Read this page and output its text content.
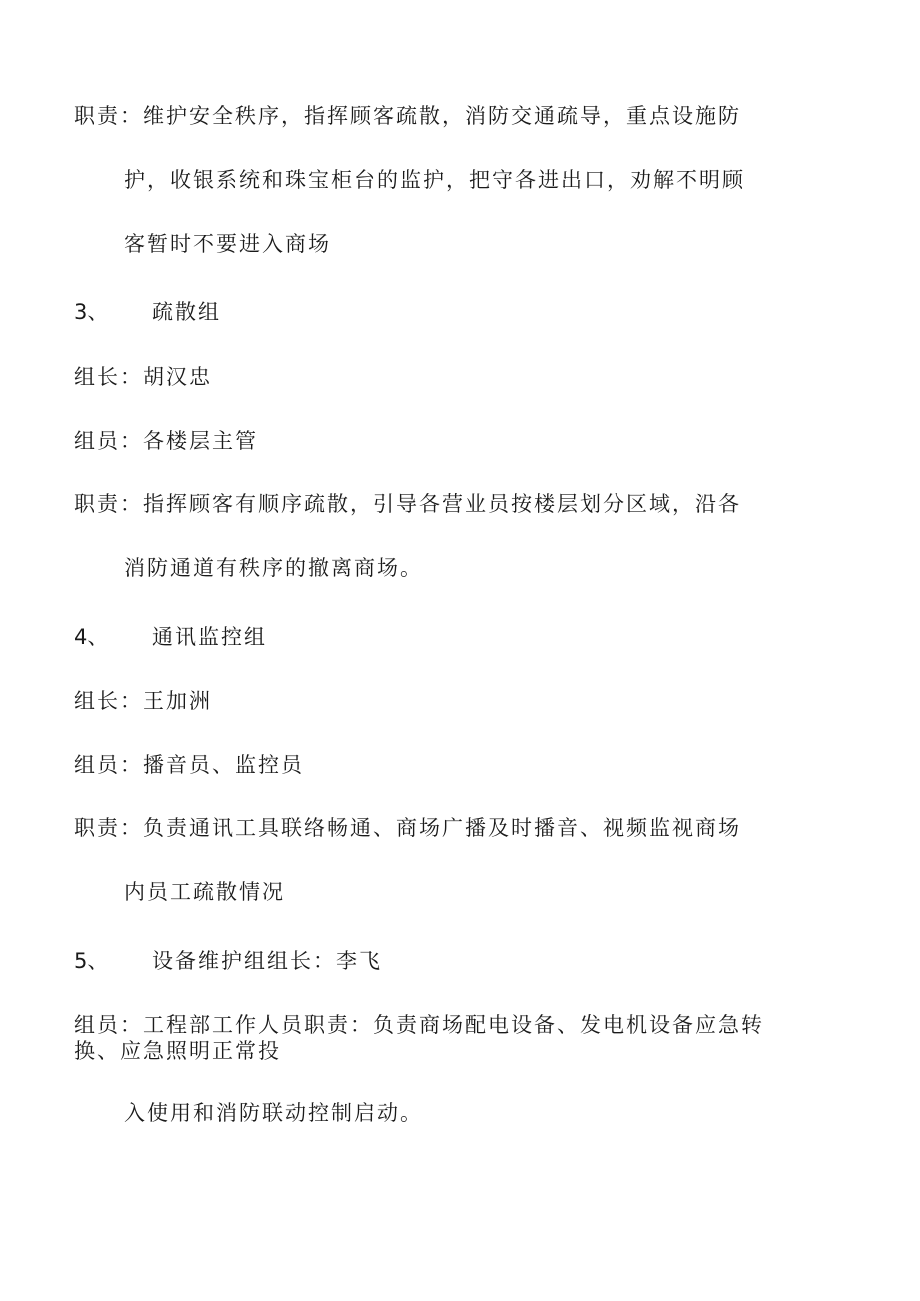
职责：维护安全秩序，指挥顾客疏散，消防交通疏导，重点设施防
护，收银系统和珠宝柜台的监护，把守各进出口，劝解不明顾
客暂时不要进入商场
3、 疏散组
组长：胡汉忠
组员：各楼层主管
职责：指挥顾客有顺序疏散，引导各营业员按楼层划分区域，沿各
消防通道有秩序的撤离商场。
4、 通讯监控组
组长：王加洲
组员：播音员、监控员
职责：负责通讯工具联络畅通、商场广播及时播音、视频监视商场
内员工疏散情况
5、 设备维护组组长：李飞
组员：工程部工作人员职责：负责商场配电设备、发电机设备应急转换、应急照明正常投
入使用和消防联动控制启动。
